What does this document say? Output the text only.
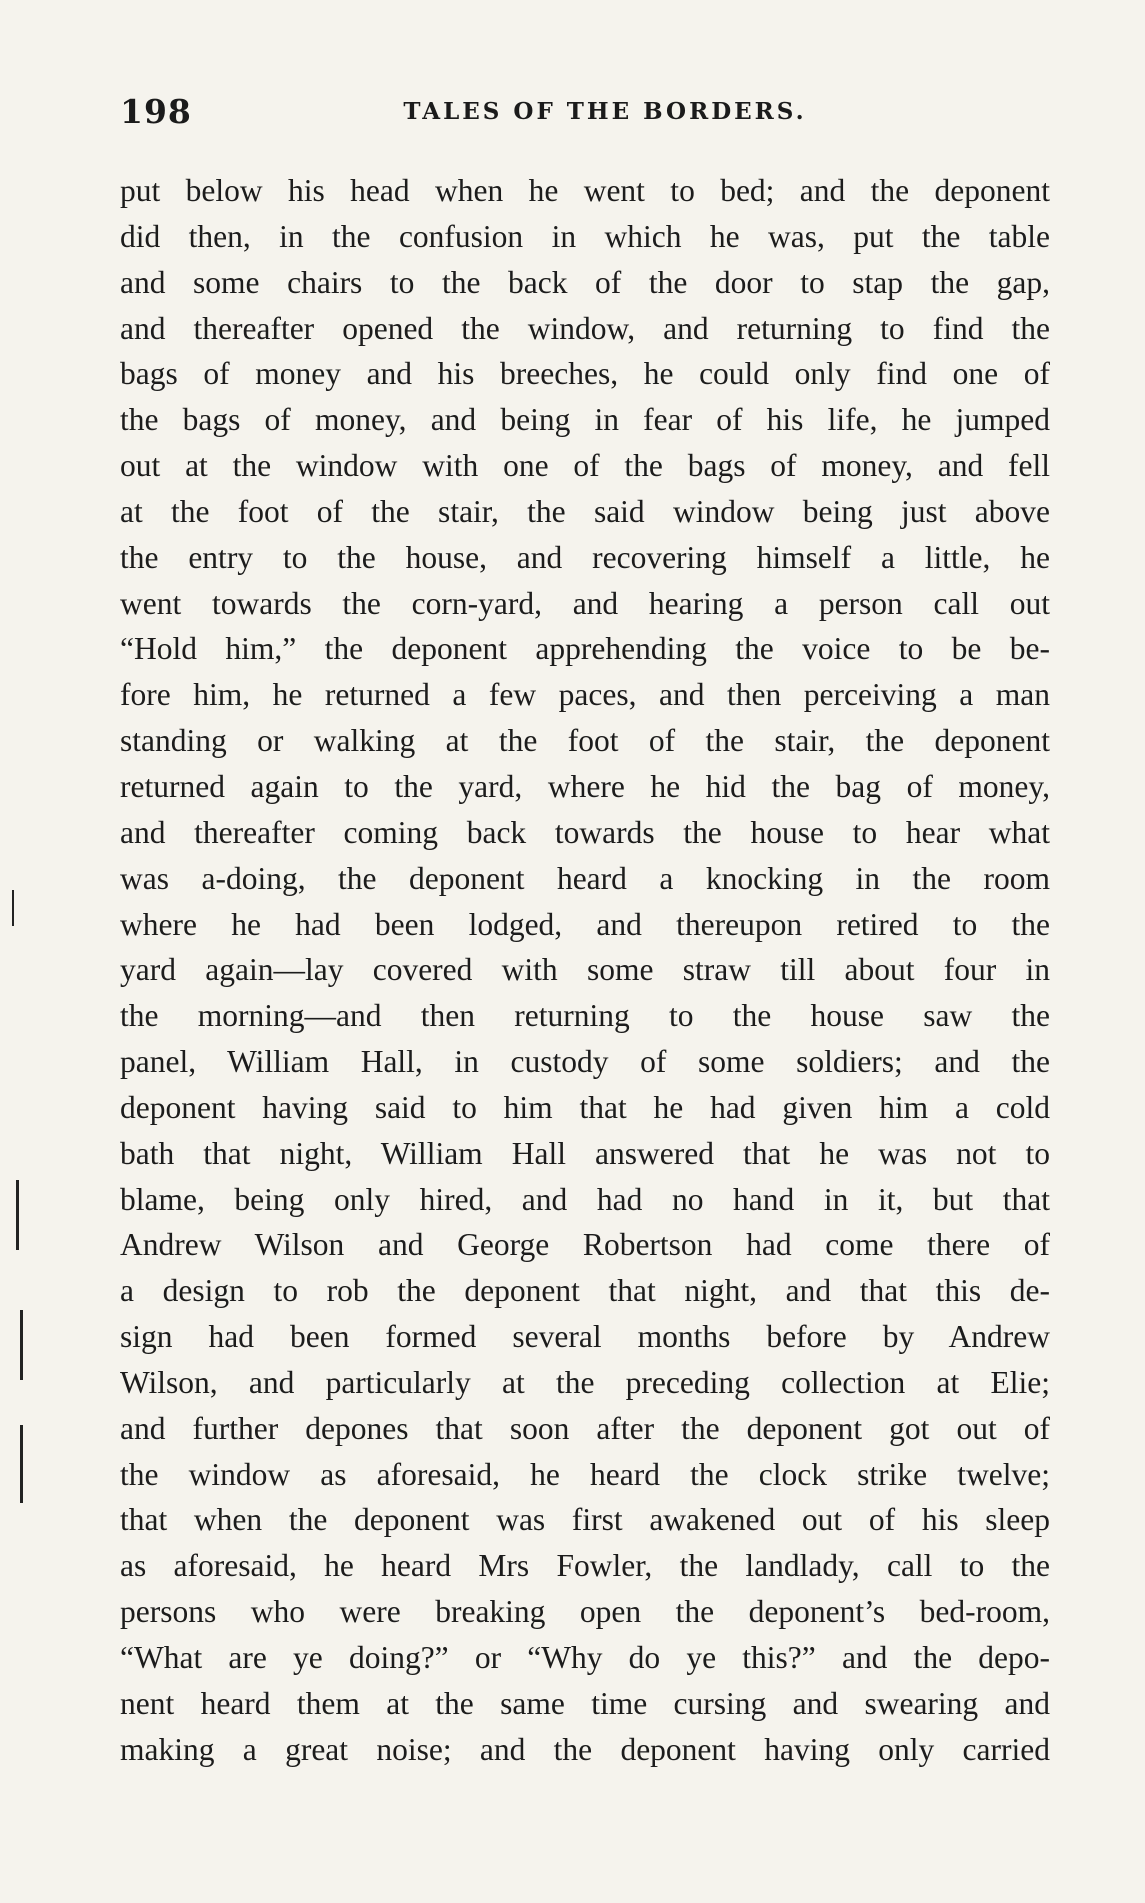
198	TALES OF THE BORDERS.
put below his head when he went to bed; and the deponent
did then, in the confusion in which he was, put the table
and some chairs to the back of the door to stap the gap,
and thereafter opened the window, and returning to find the
bags of money and his breeches, he could only find one of
the bags of money, and being in fear of his life, he jumped
out at the window with one of the bags of money, and fell
at the foot of the stair, the said window being just above
the entry to the house, and recovering himself a little, he
went towards the corn-yard, and hearing a person call out
“Hold him,” the deponent apprehending the voice to be be-
fore him, he returned a few paces, and then perceiving a man
standing or walking at the foot of the stair, the deponent
returned again to the yard, where he hid the bag of money,
and thereafter coming back towards the house to hear what
was a-doing, the deponent heard a knocking in the room
where he had been lodged, and thereupon retired to the
yard again—lay covered with some straw till about four in
the morning—and then returning to the house saw the
panel, William Hall, in custody of some soldiers; and the
deponent having said to him that he had given him a cold
bath that night, William Hall answered that he was not to
blame, being only hired, and had no hand in it, but that
Andrew Wilson and George Robertson had come there of
a design to rob the deponent that night, and that this de-
sign had been formed several months before by Andrew
Wilson, and particularly at the preceding collection at Elie;
and further depones that soon after the deponent got out of
the window as aforesaid, he heard the clock strike twelve;
that when the deponent was first awakened out of his sleep
as aforesaid, he heard Mrs Fowler, the landlady, call to the
persons who were breaking open the deponent’s bed-room,
“What are ye doing?” or “Why do ye this?” and the depo-
nent heard them at the same time cursing and swearing and
making a great noise; and the deponent having only carried
